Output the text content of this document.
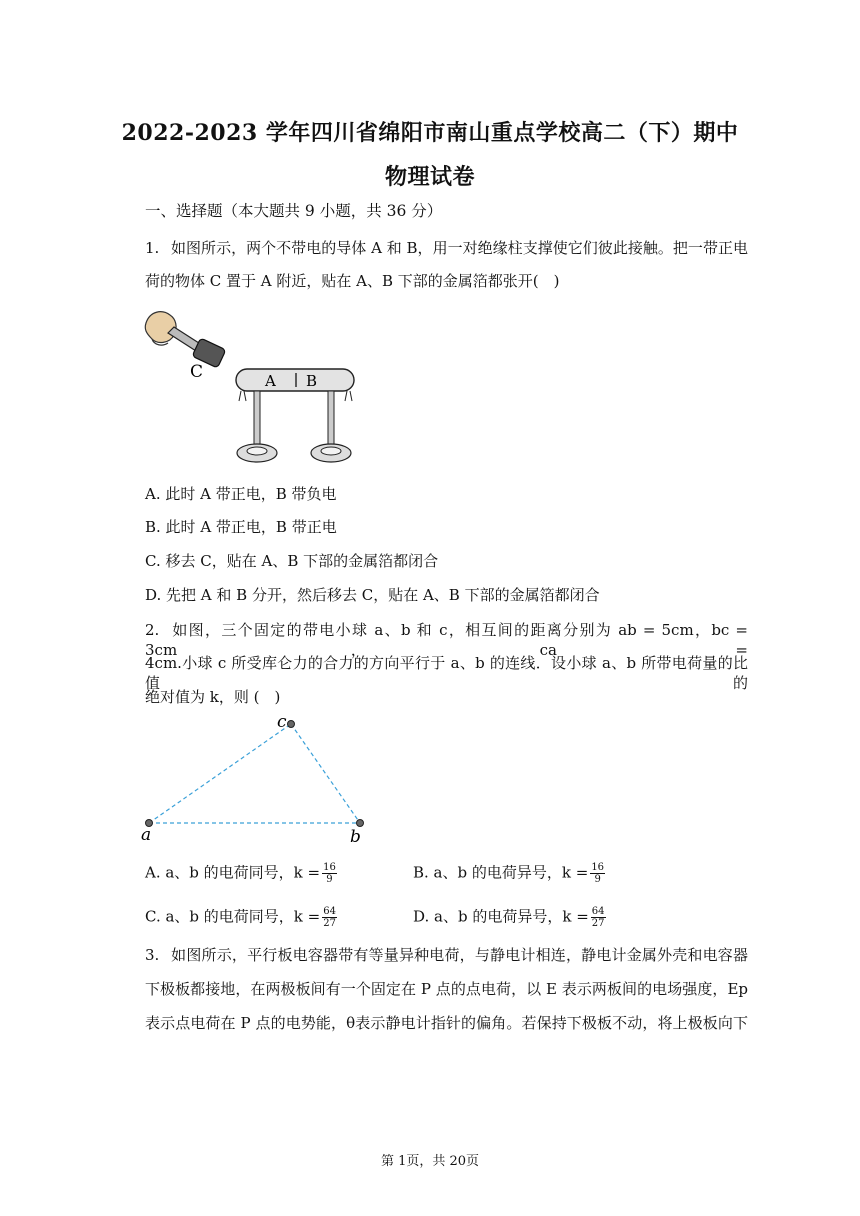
2022-2023 学年四川省绵阳市南山重点学校高二（下）期中
物理试卷
一、选择题（本大题共 9 小题，共 36 分）
1. 如图所示，两个不带电的导体 A 和 B，用一对绝缘柱支撑使它们彼此接触。把一带正电
荷的物体 C 置于 A 附近，贴在 A、B 下部的金属箔都张开(　)
C	A B
A. 此时 A 带正电，B 带负电
B. 此时 A 带正电，B 带正电
C. 移去 C，贴在 A、B 下部的金属箔都闭合
D. 先把 A 和 B 分开，然后移去 C，贴在 A、B 下部的金属箔都闭合
2. 如图，三个固定的带电小球 a、b 和 c，相互间的距离分别为 ab = 5cm，bc = 3cm，ca =
4cm.小球 c 所受库仑力的合力的方向平行于 a、b 的连线．设小球 a、b 所带电荷量的比值的
绝对值为 k，则 (　)
a	b
c
A. a、b 的电荷同号，$k = \frac{16}{9}$	B. a、b 的电荷异号，$k = \frac{16}{9}$
C. a、b 的电荷同号，$k = \frac{64}{27}$	D. a、b 的电荷异号，$k = \frac{64}{27}$
3. 如图所示，平行板电容器带有等量异种电荷，与静电计相连，静电计金属外壳和电容器
下极板都接地，在两极板间有一个固定在 P 点的点电荷，以 E 表示两板间的电场强度，Ep
表示点电荷在 P 点的电势能，θ表示静电计指针的偏角。若保持下极板不动，将上极板向下
第 1页，共 20页
